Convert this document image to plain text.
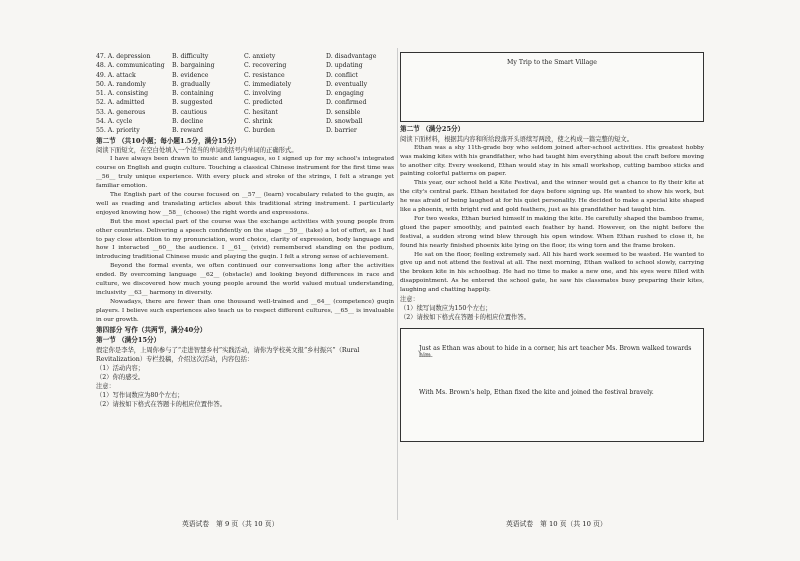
47. A. depression	B. difficulty	C. anxiety	D. disadvantage
48. A. communicating	B. bargaining	C. recovering	D. updating
49. A. attack	B. evidence	C. resistance	D. conflict
50. A. randomly	B. gradually	C. immediately	D. eventually
51. A. consisting	B. containing	C. involving	D. engaging
52. A. admitted	B. suggested	C. predicted	D. confirmed
53. A. generous	B. cautious	C. hesitant	D. sensible
54. A. cycle	B. decline	C. shrink	D. snowball
55. A. priority	B. reward	C. burden	D. barrier
第二节 （共10小题；每小题1.5分，满分15分）
阅读下面短文，在空白处填入一个适当的单词或括号内单词的正确形式。
I have always been drawn to music and languages, so I signed up for my school's integrated course on English and guqin culture. Touching a classical Chinese instrument for the first time was __56__ truly unique experience. With every pluck and stroke of the strings, I felt a strange yet familiar emotion.
The English part of the course focused on __57__ (learn) vocabulary related to the guqin, as well as reading and translating articles about this traditional string instrument. I particularly enjoyed knowing how __58__ (choose) the right words and expressions.
But the most special part of the course was the exchange activities with young people from other countries. Delivering a speech confidently on the stage __59__ (take) a lot of effort, as I had to pay close attention to my pronunciation, word choice, clarity of expression, body language and how I interacted __60__ the audience. I __61__ (vivid) remembered standing on the podium, introducing traditional Chinese music and playing the guqin. I felt a strong sense of achievement.
Beyond the formal events, we often continued our conversations long after the activities ended. By overcoming language __62__ (obstacle) and looking beyond differences in race and culture, we discovered how much young people around the world valued mutual understanding, inclusivity __63__ harmony in diversity.
Nowadays, there are fewer than one thousand well-trained and __64__ (competence) guqin players. I believe such experiences also teach us to respect different cultures, __65__ is invaluable in our growth.
第四部分 写作（共两节，满分40分）
第一节 （满分15分）
假定你是李华，上周你参与了“走进智慧乡村”实践活动，请你为学校英文报“乡村振兴”（Rural Revitalization）专栏投稿，介绍这次活动，内容包括：
（1）活动内容；
（2）你的感受。
注意：
（1）写作词数应为80个左右；
（2）请按如下格式在答题卡的相应位置作答。
英语试卷　第 9 页（共 10 页）
My Trip to the Smart Village
第二节 （满分25分）
阅读下面材料，根据其内容和所给段落开头语续写两段，使之构成一篇完整的短文。
Ethan was a shy 11th-grade boy who seldom joined after-school activities. His greatest hobby was making kites with his grandfather, who had taught him everything about the craft before moving to another city. Every weekend, Ethan would stay in his small workshop, cutting bamboo sticks and painting colorful patterns on paper.
This year, our school held a Kite Festival, and the winner would get a chance to fly their kite at the city's central park. Ethan hesitated for days before signing up. He wanted to show his work, but he was afraid of being laughed at for his quiet personality. He decided to make a special kite shaped like a phoenix, with bright red and gold feathers, just as his grandfather had taught him.
For two weeks, Ethan buried himself in making the kite. He carefully shaped the bamboo frame, glued the paper smoothly, and painted each feather by hand. However, on the night before the festival, a sudden strong wind blew through his open window. When Ethan rushed to close it, he found his nearly finished phoenix kite lying on the floor, its wing torn and the frame broken.
He sat on the floor, feeling extremely sad. All his hard work seemed to be wasted. He wanted to give up and not attend the festival at all. The next morning, Ethan walked to school slowly, carrying the broken kite in his schoolbag. He had no time to make a new one, and his eyes were filled with disappointment. As he entered the school gate, he saw his classmates busy preparing their kites, laughing and chatting happily.
注意：
（1）续写词数应为150个左右；
（2）请按如下格式在答题卡的相应位置作答。
Just as Ethan was about to hide in a corner, his art teacher Ms. Brown walked towards him.
With Ms. Brown's help, Ethan fixed the kite and joined the festival bravely.
英语试卷　第 10 页（共 10 页）
